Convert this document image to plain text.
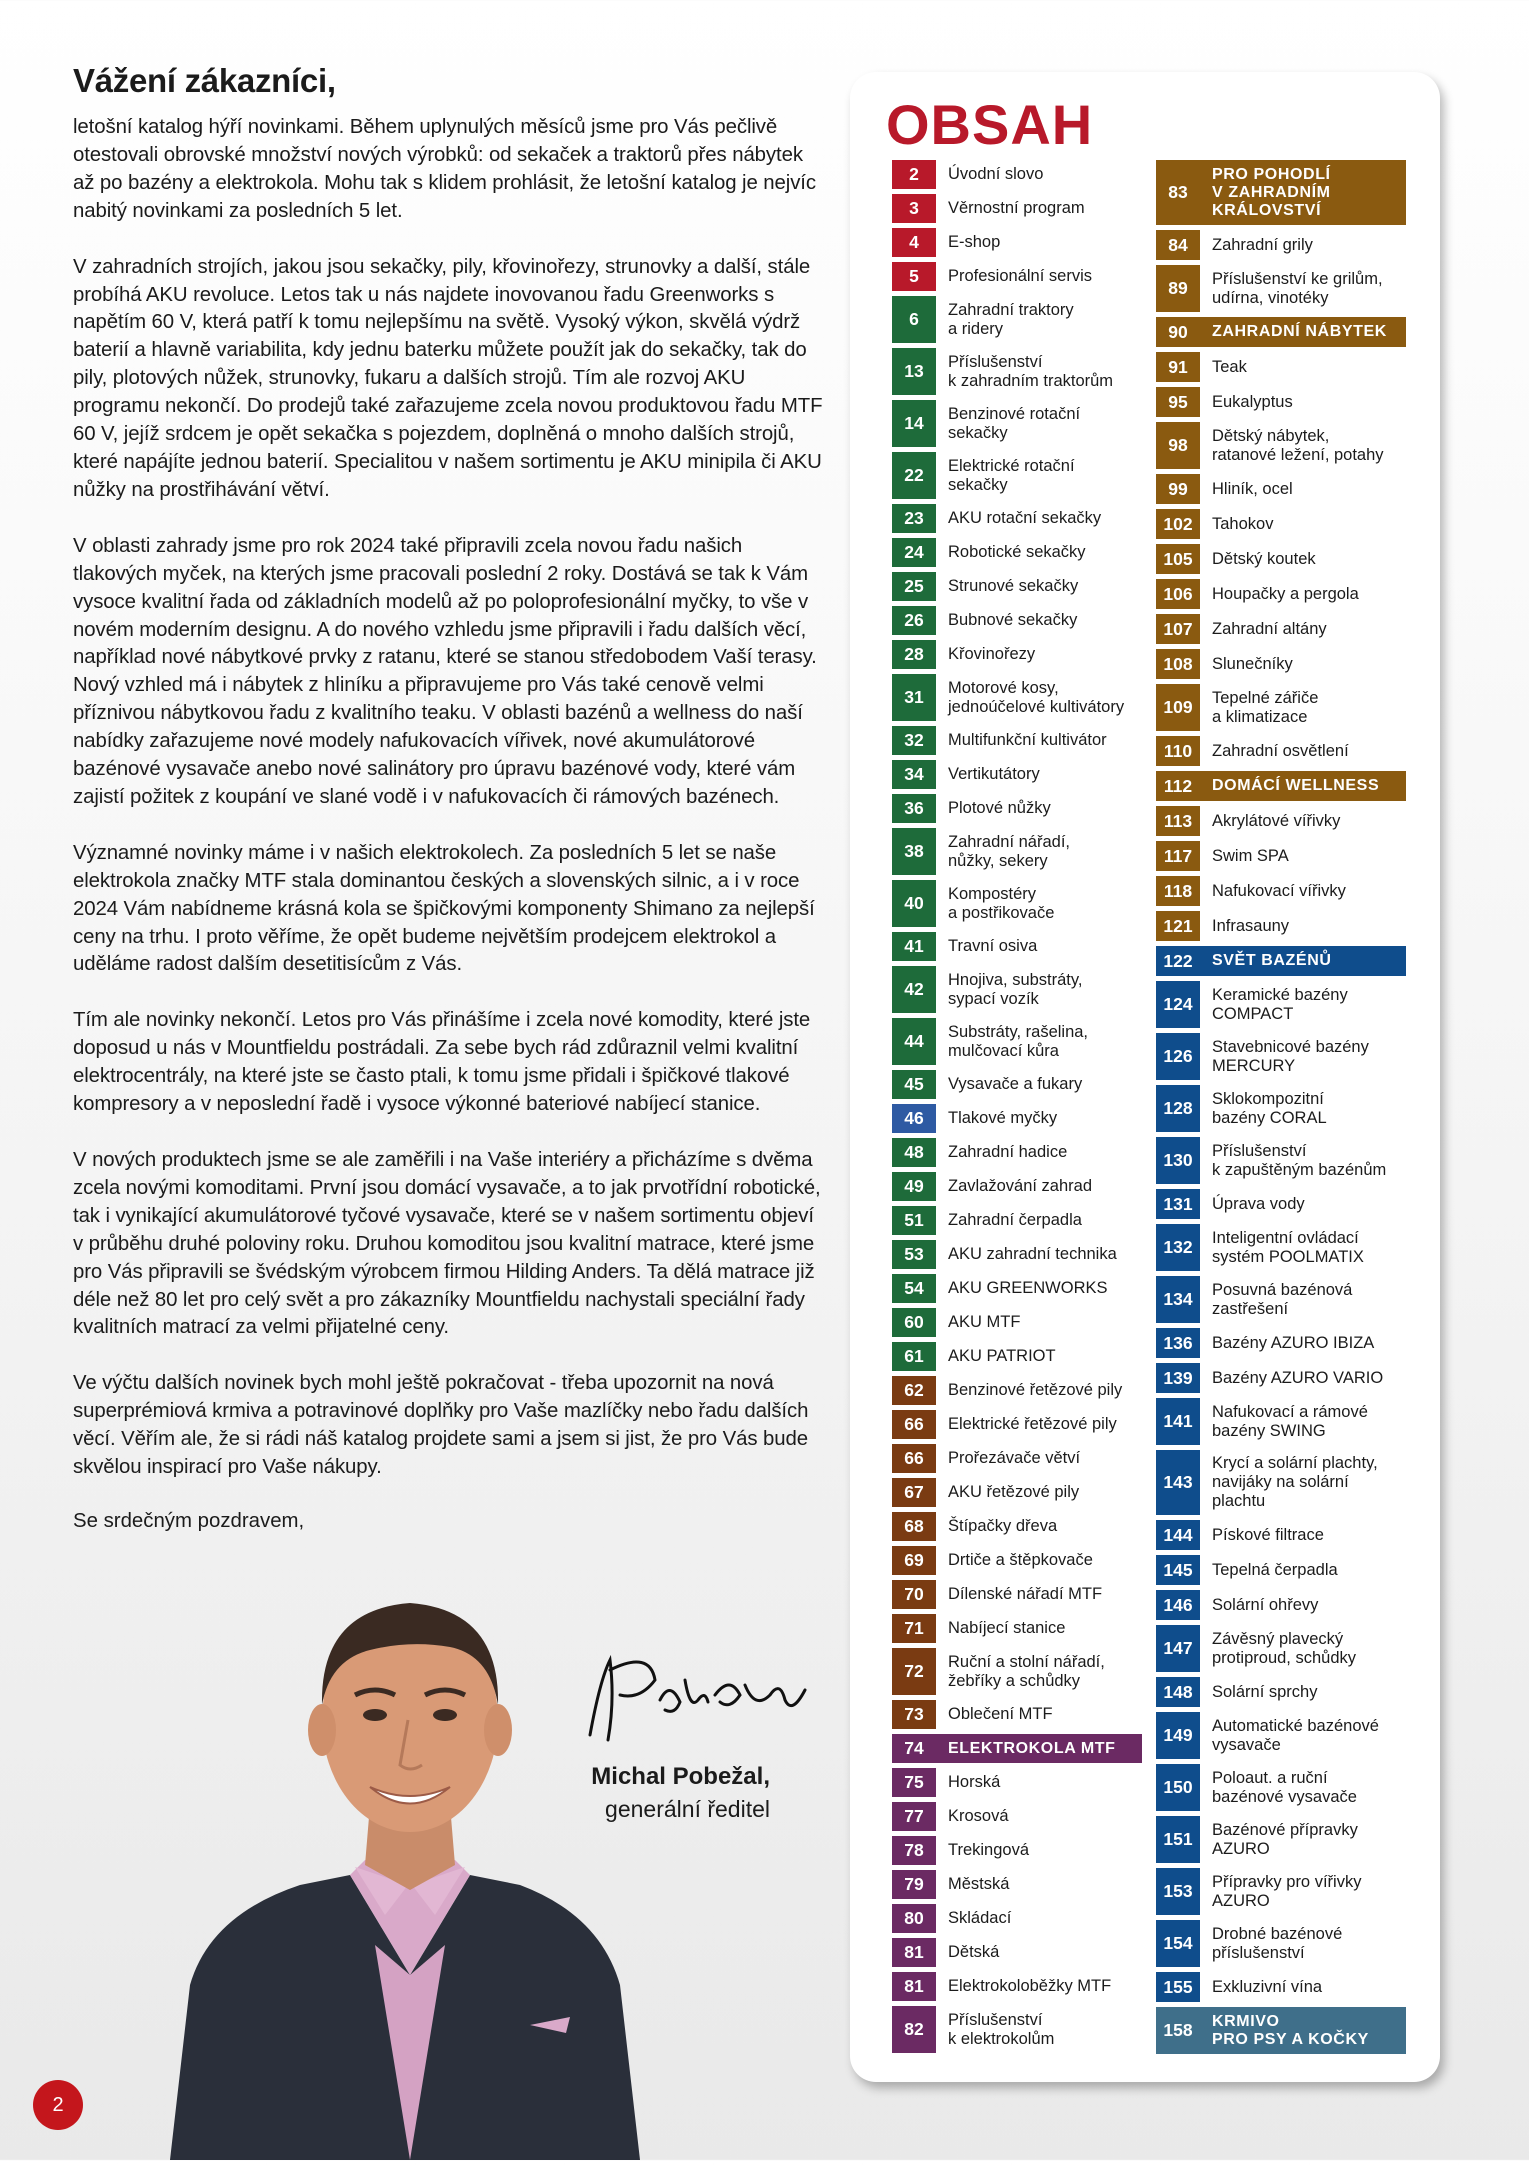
Vážení zákazníci,

letošní katalog hýří novinkami. Během uplynulých měsíců jsme pro Vás pečlivě otestovali obrovské množství nových výrobků: od sekaček a traktorů přes nábytek až po bazény a elektrokola. Mohu tak s klidem prohlásit, že letošní katalog je nejvíc nabitý novinkami za posledních 5 let.

V zahradních strojích, jakou jsou sekačky, pily, křovinořezy, strunovky a další, stále probíhá AKU revoluce. Letos tak u nás najdete inovovanou řadu Greenworks s napětím 60 V, která patří k tomu nejlepšímu na světě. Vysoký výkon, skvělá výdrž baterií a hlavně variabilita, kdy jednu baterku můžete použít jak do sekačky, tak do pily, plotových nůžek, strunovky, fukaru a dalších strojů. Tím ale rozvoj AKU programu nekončí. Do prodejů také zařazujeme zcela novou produktovou řadu MTF 60 V, jejíž srdcem je opět sekačka s pojezdem, doplněná o mnoho dalších strojů, které napájíte jednou baterií. Specialitou v našem sortimentu je AKU minipila či AKU nůžky na prostřihávání větví.

V oblasti zahrady jsme pro rok 2024 také připravili zcela novou řadu našich tlakových myček, na kterých jsme pracovali poslední 2 roky. Dostává se tak k Vám vysoce kvalitní řada od základních modelů až po poloprofesionální myčky, to vše v novém moderním designu. A do nového vzhledu jsme připravili i řadu dalších věcí, například nové nábytkové prvky z ratanu, které se stanou středobodem Vaší terasy. Nový vzhled má i nábytek z hliníku a připravujeme pro Vás také cenově velmi příznivou nábytkovou řadu z kvalitního teaku. V oblasti bazénů a wellness do naší nabídky zařazujeme nové modely nafukovacích vířivek, nové akumulátorové bazénové vysavače anebo nové salinátory pro úpravu bazénové vody, které vám zajistí požitek z koupání ve slané vodě i v nafukovacích či rámových bazénech.

Významné novinky máme i v našich elektrokolech. Za posledních 5 let se naše elektrokola značky MTF stala dominantou českých a slovenských silnic, a i v roce 2024 Vám nabídneme krásná kola se špičkovými komponenty Shimano za nejlepší ceny na trhu. I proto věříme, že opět budeme největším prodejcem elektrokol a uděláme radost dalším desetitisícům z Vás.

Tím ale novinky nekončí. Letos pro Vás přinášíme i zcela nové komodity, které jste doposud u nás v Mountfieldu postrádali. Za sebe bych rád zdůraznil velmi kvalitní elektrocentrály, na které jste se často ptali, k tomu jsme přidali i špičkové tlakové kompresory a v neposlední řadě i vysoce výkonné bateriové nabíjecí stanice.

V nových produktech jsme se ale zaměřili i na Vaše interiéry a přicházíme s dvěma zcela novými komoditami. První jsou domácí vysavače, a to jak prvotřídní robotické, tak i vynikající akumulátorové tyčové vysavače, které se v našem sortimentu objeví v průběhu druhé poloviny roku. Druhou komoditou jsou kvalitní matrace, které jsme pro Vás připravili se švédským výrobcem firmou Hilding Anders. Ta dělá matrace již déle než 80 let pro celý svět a pro zákazníky Mountfieldu nachystali speciální řady kvalitních matrací za velmi přijatelné ceny.

Ve výčtu dalších novinek bych mohl ještě pokračovat - třeba upozornit na nová superprémiová krmiva a potravinové doplňky pro Vaše mazlíčky nebo řadu dalších věcí. Věřím ale, že si rádi náš katalog projdete sami a jsem si jist, že pro Vás bude skvělou inspirací pro Vaše nákupy.

Se srdečným pozdravem,

Michal Pobežal,
generální ředitel
2
OBSAH
2	Úvodní slovo
3	Věrnostní program
4	E-shop
5	Profesionální servis
6	Zahradní traktory
a ridery
13	Příslušenství
k zahradním traktorům
14	Benzinové rotační
sekačky
22	Elektrické rotační
sekačky
23	AKU rotační sekačky
24	Robotické sekačky
25	Strunové sekačky
26	Bubnové sekačky
28	Křovinořezy
31	Motorové kosy,
jednoúčelové kultivátory
32	Multifunkční kultivátor
34	Vertikutátory
36	Plotové nůžky
38	Zahradní nářadí,
nůžky, sekery
40	Kompostéry
a postřikovače
41	Travní osiva
42	Hnojiva, substráty,
sypací vozík
44	Substráty, rašelina,
mulčovací kůra
45	Vysavače a fukary
46	Tlakové myčky
48	Zahradní hadice
49	Zavlažování zahrad
51	Zahradní čerpadla
53	AKU zahradní technika
54	AKU GREENWORKS
60	AKU MTF
61	AKU PATRIOT
62	Benzinové řetězové pily
66	Elektrické řetězové pily
66	Prořezávače větví
67	AKU řetězové pily
68	Štípačky dřeva
69	Drtiče a štěpkovače
70	Dílenské nářadí MTF
71	Nabíjecí stanice
72	Ruční a stolní nářadí,
žebříky a schůdky
73	Oblečení MTF
74	ELEKTROKOLA MTF
75	Horská
77	Krosová
78	Trekingová
79	Městská
80	Skládací
81	Dětská
81	Elektrokoloběžky MTF
82	Příslušenství
k elektrokolům
83
PRO POHODLÍ
V ZAHRADNÍM
KRÁLOVSTVÍ
84	Zahradní grily
89	Příslušenství ke grilům,
udírna, vinotéky
90	ZAHRADNÍ NÁBYTEK
91	Teak
95	Eukalyptus
98	Dětský nábytek,
ratanové ležení, potahy
99	Hliník, ocel
102	Tahokov
105	Dětský koutek
106	Houpačky a pergola
107	Zahradní altány
108	Slunečníky
109	Tepelné zářiče
a klimatizace
110	Zahradní osvětlení
112	DOMÁCÍ WELLNESS
113	Akrylátové vířivky
117	Swim SPA
118	Nafukovací vířivky
121	Infrasauny
122	SVĚT BAZÉNŮ
124	Keramické bazény
COMPACT
126	Stavebnicové bazény
MERCURY
128	Sklokompozitní
bazény CORAL
130	Příslušenství
k zapuštěným bazénům
131	Úprava vody
132	Inteligentní ovládací
systém POOLMATIX
134	Posuvná bazénová
zastřešení
136	Bazény AZURO IBIZA
139	Bazény AZURO VARIO
141	Nafukovací a rámové
bazény SWING
143
Krycí a solární plachty,
navijáky na solární
plachtu
144	Pískové filtrace
145	Tepelná čerpadla
146	Solární ohřevy
147	Závěsný plavecký
protiproud, schůdky
148	Solární sprchy
149	Automatické bazénové
vysavače
150	Poloaut. a ruční
bazénové vysavače
151	Bazénové přípravky
AZURO
153	Přípravky pro vířivky
AZURO
154	Drobné bazénové
příslušenství
155	Exkluzivní vína
158	KRMIVO
PRO PSY A KOČKY
